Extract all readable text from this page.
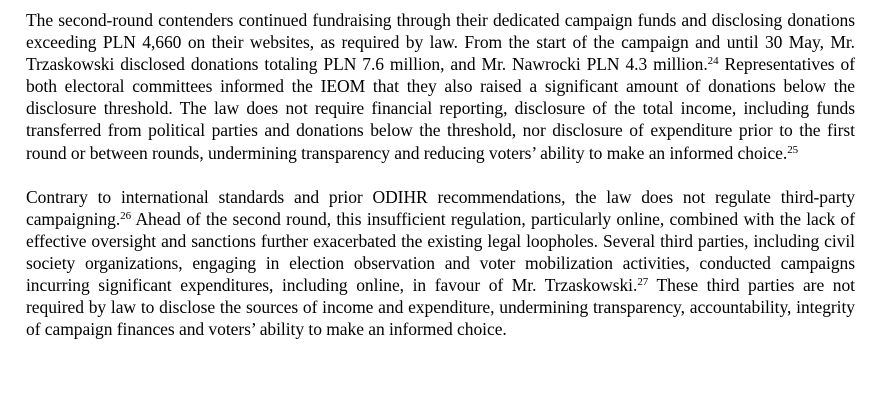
The second-round contenders continued fundraising through their dedicated campaign funds and disclosing donations exceeding PLN 4,660 on their websites, as required by law. From the start of the campaign and until 30 May, Mr. Trzaskowski disclosed donations totaling PLN 7.6 million, and Mr. Nawrocki PLN 4.3 million.$^{24}$ Representatives of both electoral committees informed the IEOM that they also raised a significant amount of donations below the disclosure threshold. The law does not require financial reporting, disclosure of the total income, including funds transferred from political parties and donations below the threshold, nor disclosure of expenditure prior to the first round or between rounds, undermining transparency and reducing voters’ ability to make an informed choice.$^{25}$

Contrary to international standards and prior ODIHR recommendations, the law does not regulate third-party campaigning.$^{26}$ Ahead of the second round, this insufficient regulation, particularly online, combined with the lack of effective oversight and sanctions further exacerbated the existing legal loopholes. Several third parties, including civil society organizations, engaging in election observation and voter mobilization activities, conducted campaigns incurring significant expenditures, including online, in favour of Mr. Trzaskowski.$^{27}$ These third parties are not required by law to disclose the sources of income and expenditure, undermining transparency, accountability, integrity of campaign finances and voters’ ability to make an informed choice.
